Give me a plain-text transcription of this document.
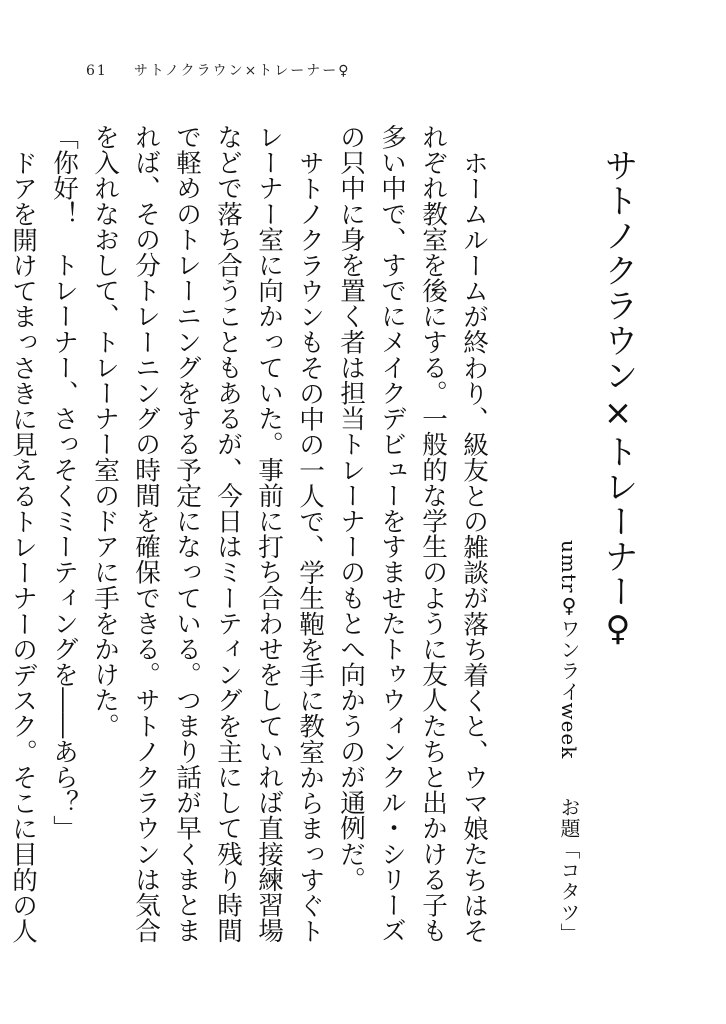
61 サトノクラウン×トレーナー♀
サトノクラウン×トレーナー♀
umtr♀ワンライweek
お題
「コタツ」

ホームルームが終わり、級友との雑談が落ち着くと、ウマ娘たちはそれぞれ教室を後にする。一般的な学生のように友人たちと出かける子も多い中で、すでにメイクデビューをすませたトゥウィンクル・シリーズの只中に身を置く者は担当トレーナーのもとへ向かうのが通例だ。

サトノクラウンもその中の一人で、学生鞄を手に教室からまっすぐトレーナー室に向かっていた。事前に打ち合わせをしていれば直接練習場などで落ち合うこともあるが、今日はミーティングを主にして残り時間で軽めのトレーニングをする予定になっている。つまり話が早くまとまれば、その分トレーニングの時間を確保できる。サトノクラウンは気合を入れなおして、トレーナー室のドアに手をかけた。

「你好！　トレーナー、さっそくミーティングを――あら？」

ドアを開けてまっさきに見えるトレーナーのデスク。そこに目的の人
